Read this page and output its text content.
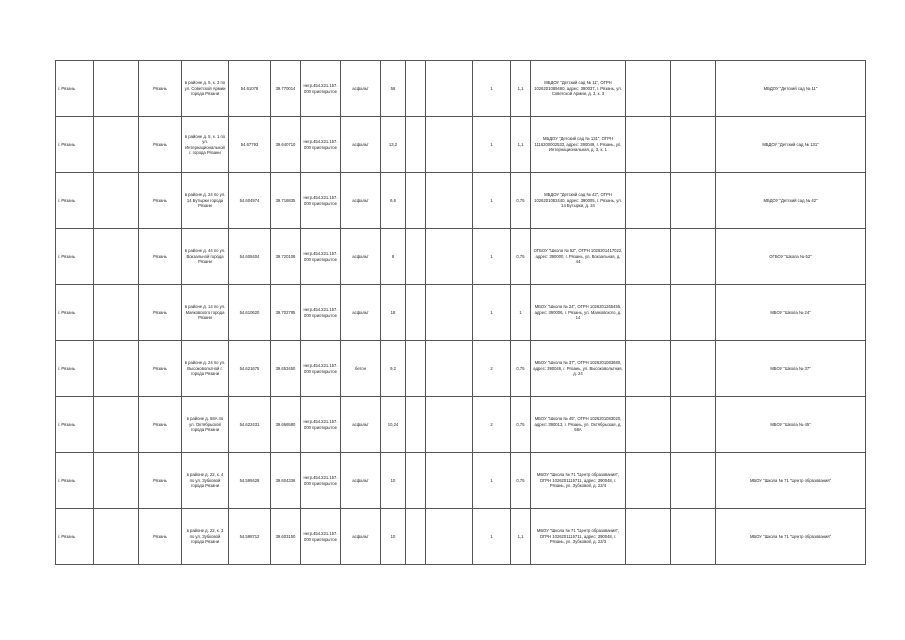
г. Рязань		Рязань	в районе д. 5, к. 3 по ул. Советской Армии города Рязани	54.61078	39.770014	негр.454.221.157.000 приоткрытое	асфальт	56			1	1,1	МБДОУ "Детский сад № 11", ОГРН 1026201089460, адрес: 390037, г. Рязань, ул. Советской Армии, д. 3, к. 3			МБДОУ "Детский сад № 11"
г. Рязань		Рязань	в районе д. 5, к. 1 по ул. Интернациональной г. города Рязани	54.67793	39.640710	негр.454.221.157.000 приоткрытое	асфальт	13,2			1	1,1	МБДОУ "Детский сад № 131", ОГРН 1116200002533, адрес: 390049, г. Рязань, ул. Интернациональная, д. 3, к. 1			МБДОУ "Детский сад № 131"
г. Рязань		Рязань	в районе д. 24 по ул. 14 Бутырки города Рязани	54.604974	39.716835	негр.454.221.157.000 приоткрытое	асфальт	6,6			1	0,75	МБДОУ "Детский сад № 42", ОГРН 1026201082440, адрес: 390005, г. Рязань, ул. 14 Бутырки, д. 24			МБДОУ "Детский сад № 42"
г. Рязань		Рязань	в районе д. 44 по ул. Вокзальной города Рязани	54.608404	39.720108	негр.454.221.157.000 приоткрытое	асфальт	8			1	0,75	ОГБОУ "Школа № 52", ОГРН 1026201417022, адрес: 390000, г. Рязань, ул. Вокзальная, д. 44			ОГБОУ "Школа № 52"
г. Рязань		Рязань	в районе д. 14 по ул. Маяковского города Рязани	54.610620	39.702785	негр.454.221.157.000 приоткрытое	асфальт	18			1	1	МБОУ "Школа № 24", ОГРН 1026201265455, адрес: 390006, г. Рязань, ул. Маяковского, д. 14			МБОУ "Школа № 24"
г. Рязань		Рязань	в районе д. 24 по ул. Высоковольтной г. города Рязани	54.621675	39.653450	негр.454.221.157.000 приоткрытое	бетон	9,2			2	0,75	МБОУ "Школа № 37", ОГРН 1026201083680, адрес: 390046, г. Рязань, ул. Высоковольтная, д. 24			МБОУ "Школа № 37"
г. Рязань		Рязань	в районе д. 58А по ул. Октябрьской города Рязани	54.622431	39.666580	негр.454.221.157.000 приоткрытое	асфальт	10,24			2	0,75	МБОУ "Школа № 45", ОГРН 1026201083020, адрес: 390013, г. Рязань, ул. Октябрьская, д. 58А			МБОУ "Школа № 45"
г. Рязань		Рязань	в районе д. 22, к. 4 по ул. Зубковой города Рязани	54.599428	39.604336	негр.454.221.157.000 приоткрытое	асфальт	10			1	0,75	МБОУ "Школа № 71 "Центр образования", ОГРН 1026201115711, адрес: 390048, г. Рязань, ул. Зубковой, д. 22/4			МБОУ "Школа № 71 "Центр образования"
г. Рязань		Рязань	в районе д. 22, к. 3 по ул. Зубковой города Рязани	54.598712	39.603150	негр.454.221.157.000 приоткрытое	асфальт	10			1	1,1	МБОУ "Школа № 71 "Центр образования", ОГРН 1026201115711, адрес: 390048, г. Рязань, ул. Зубковой, д. 22/3			МБОУ "Школа № 71 "Центр образования"
